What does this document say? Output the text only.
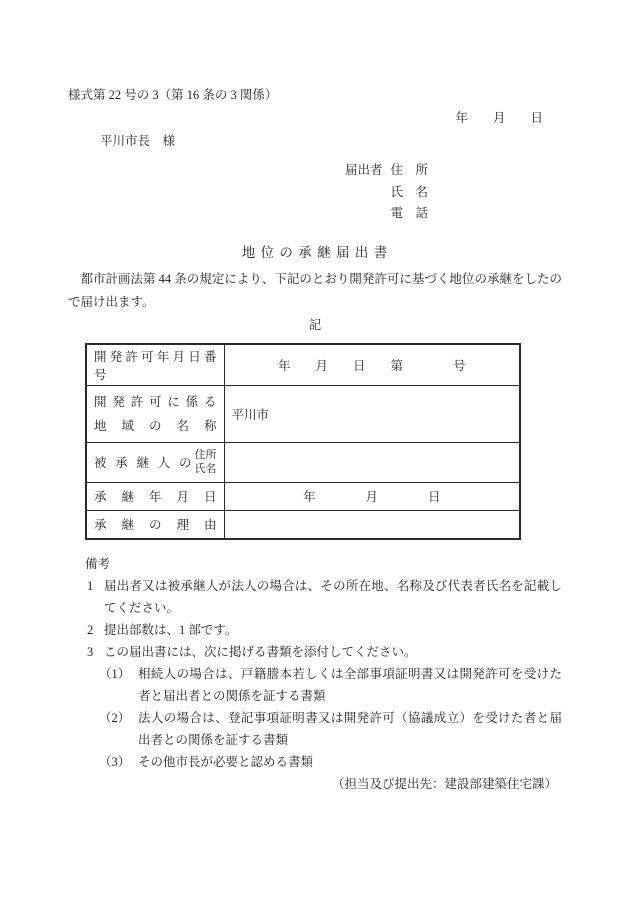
様式第 22 号の 3（第 16 条の 3 関係）
年　　月　　日
平川市長　様
届出者 住　所
氏　名
電　話
地 位 の 承 継 届 出 書

都市計画法第 44 条の規定により、下記のとおり開発許可に基づく地位の承継をしたので届け出ます。

記
開 発 許 可 年 月 日 番 号	年　　月　　日　　第　　　　号

開 発 許 可 に 係 る
地 域 の 名 称	平川市

被 承 継 人 の
住所
氏名	

承 継 年 月 日	年　　　　月　　　　日

承 継 の 理 由	

備考
1 届出者又は被承継人が法人の場合は、その所在地、名称及び代表者氏名を記載してください。
2 提出部数は、1 部です。
3 この届出書には、次に掲げる書類を添付してください。
（1） 相続人の場合は、戸籍謄本若しくは全部事項証明書又は開発許可を受けた者と届出者との関係を証する書類
（2） 法人の場合は、登記事項証明書又は開発許可（協議成立）を受けた者と届出者との関係を証する書類
（3） その他市長が必要と認める書類
（担当及び提出先：建設部建築住宅課）
